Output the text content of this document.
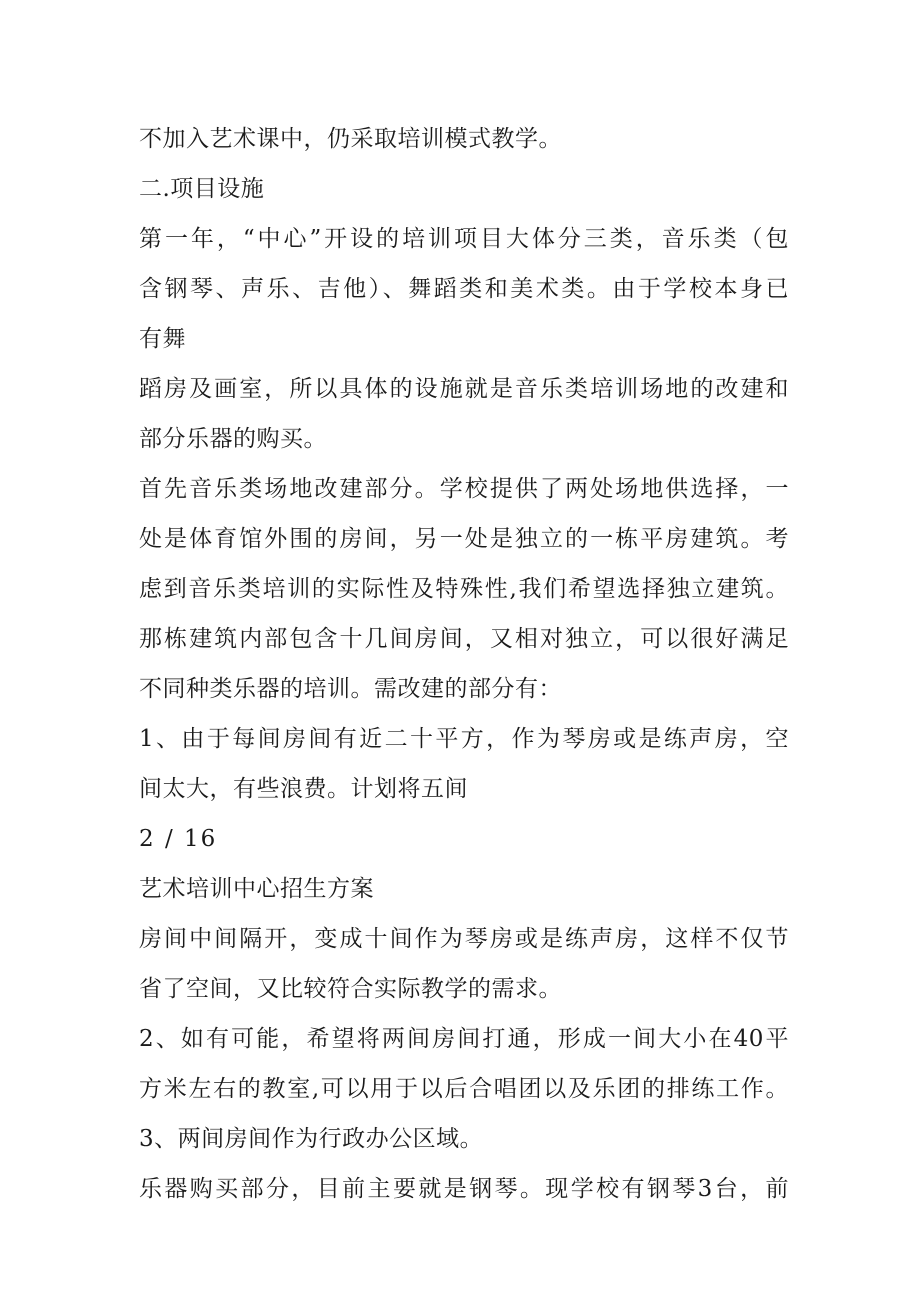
不加入艺术课中，仍采取培训模式教学。
二.项目设施
第一年，“中心”开设的培训项目大体分三类，音乐类（包
含钢琴、声乐、吉他）、舞蹈类和美术类。由于学校本身已
有舞
蹈房及画室，所以具体的设施就是音乐类培训场地的改建和
部分乐器的购买。
首先音乐类场地改建部分。学校提供了两处场地供选择，一
处是体育馆外围的房间，另一处是独立的一栋平房建筑。考
虑到音乐类培训的实际性及特殊性,我们希望选择独立建筑。
那栋建筑内部包含十几间房间，又相对独立，可以很好满足
不同种类乐器的培训。需改建的部分有：
1、由于每间房间有近二十平方，作为琴房或是练声房，空
间太大，有些浪费。计划将五间
2 / 16
艺术培训中心招生方案
房间中间隔开，变成十间作为琴房或是练声房，这样不仅节
省了空间，又比较符合实际教学的需求。
2、如有可能，希望将两间房间打通，形成一间大小在40平
方米左右的教室,可以用于以后合唱团以及乐团的排练工作。
3、两间房间作为行政办公区域。
乐器购买部分，目前主要就是钢琴。现学校有钢琴3台，前
